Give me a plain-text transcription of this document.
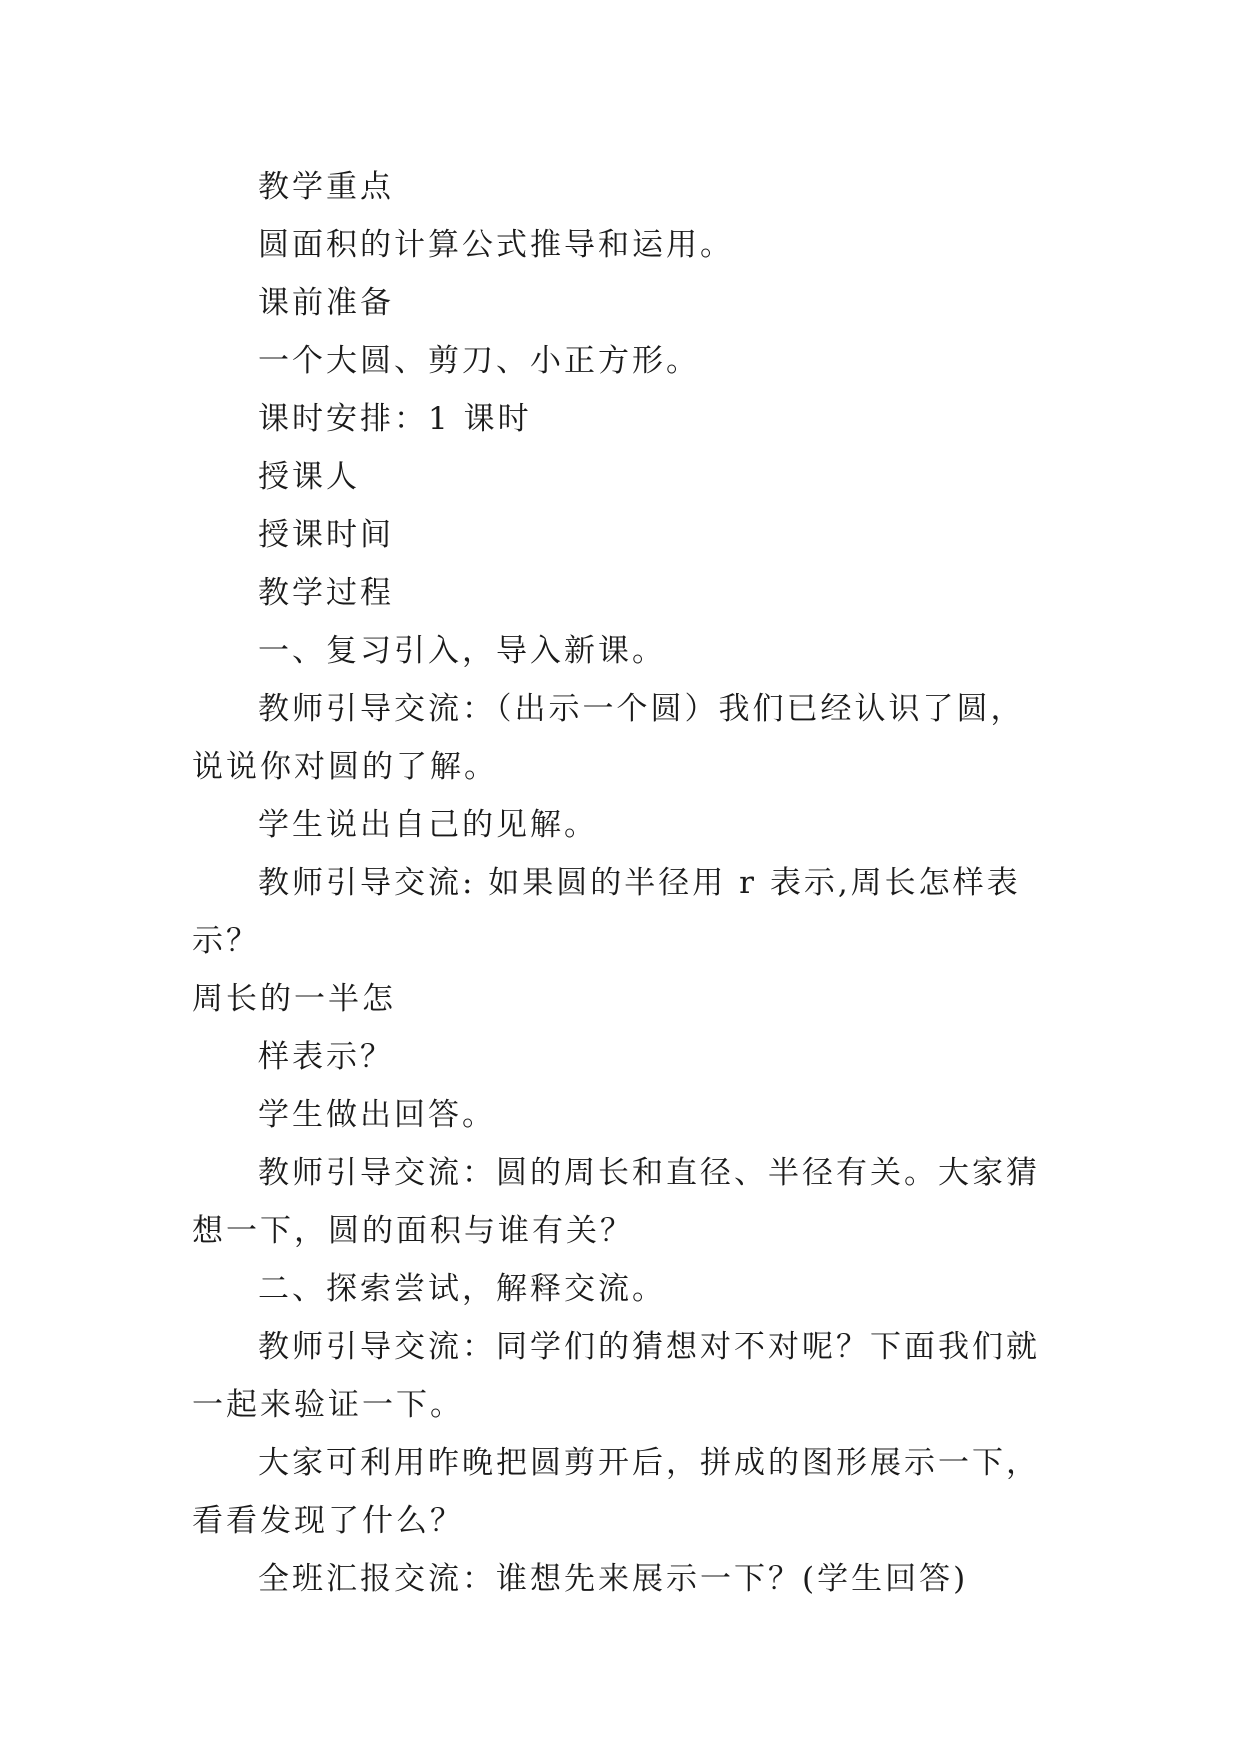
教学重点

圆面积的计算公式推导和运用。

课前准备

一个大圆、剪刀、小正方形。

课时安排：1 课时

授课人

授课时间

教学过程

一、复习引入，导入新课。

教师引导交流：（出示一个圆）我们已经认识了圆，说说你对圆的了解。

学生说出自己的见解。

教师引导交流: 如果圆的半径用 r 表示,周长怎样表示？

周长的一半怎

样表示？

学生做出回答。

教师引导交流：圆的周长和直径、半径有关。大家猜想一下，圆的面积与谁有关？

二、探索尝试，解释交流。

教师引导交流：同学们的猜想对不对呢？下面我们就一起来验证一下。

大家可利用昨晚把圆剪开后，拼成的图形展示一下，看看发现了什么？

全班汇报交流：谁想先来展示一下？(学生回答)
